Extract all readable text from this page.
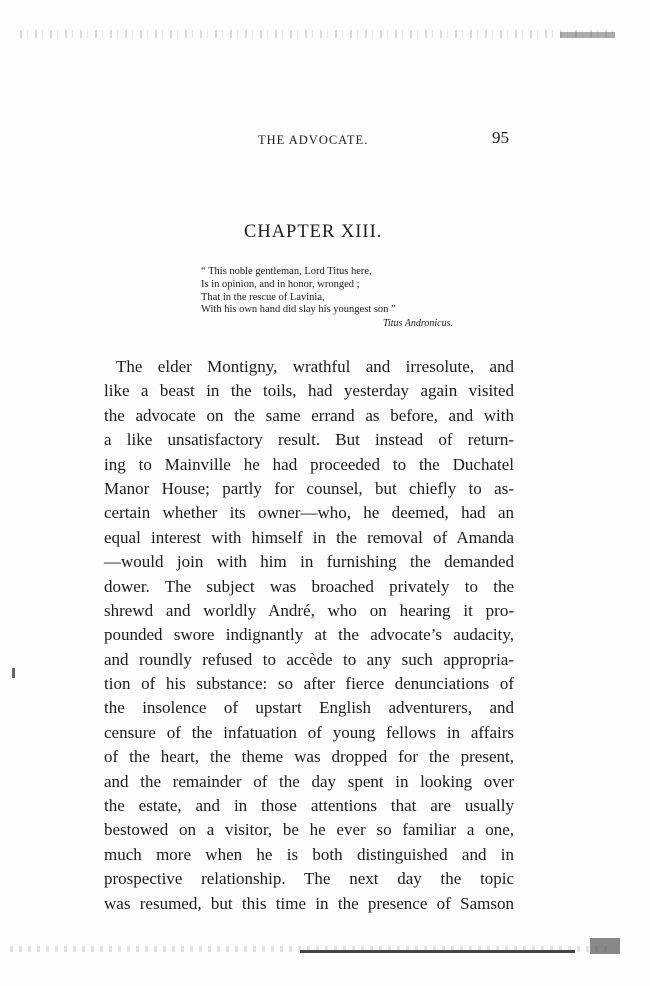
THE ADVOCATE.	95
CHAPTER XIII.
“ This noble gentleman, Lord Titus here,
Is in opinion, and in honor, wronged ;
That in the rescue of Lavinia,
With his own hand did slay his youngest son ”
Titus Andronicus.
The elder Montigny, wrathful and irresolute, and
like a beast in the toils, had yesterday again visited
the advocate on the same errand as before, and with
a like unsatisfactory result. But instead of return-
ing to Mainville he had proceeded to the Duchatel
Manor House; partly for counsel, but chiefly to as-
certain whether its owner—who, he deemed, had an
equal interest with himself in the removal of Amanda
—would join with him in furnishing the demanded
dower. The subject was broached privately to the
shrewd and worldly André, who on hearing it pro-
pounded swore indignantly at the advocate’s audacity,
and roundly refused to accède to any such appropria-
tion of his substance: so after fierce denunciations of
the insolence of upstart English adventurers, and
censure of the infatuation of young fellows in affairs
of the heart, the theme was dropped for the present,
and the remainder of the day spent in looking over
the estate, and in those attentions that are usually
bestowed on a visitor, be he ever so familiar a one,
much more when he is both distinguished and in
prospective relationship. The next day the topic
was resumed, but this time in the presence of Samson
